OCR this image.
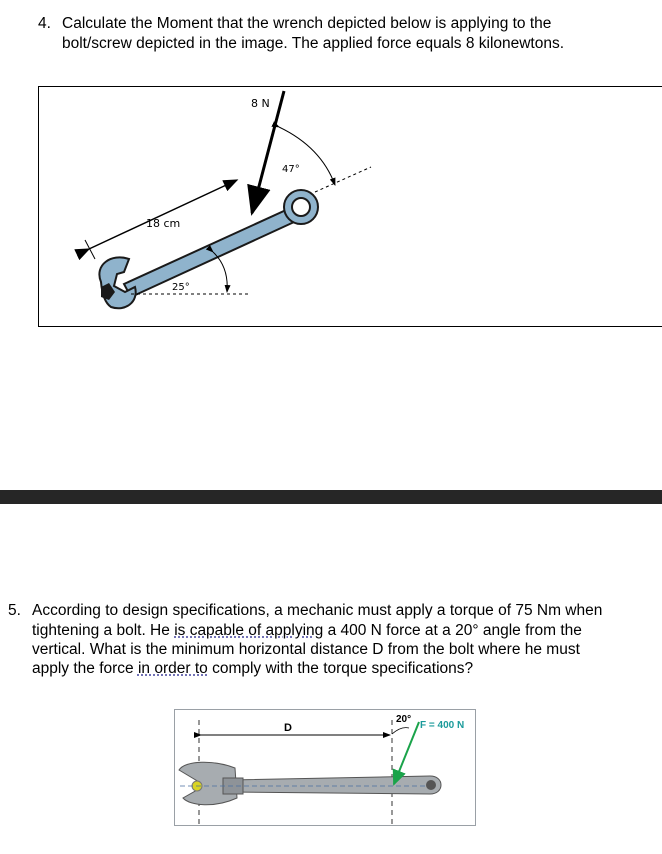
4. Calculate the Moment that the wrench depicted below is applying to the
bolt/screw depicted in the image. The applied force equals 8 kilonewtons.
18 cm
8 N
47°
25°
5. According to design specifications, a mechanic must apply a torque of 75 Nm when
tightening a bolt. He is capable of applying a 400 N force at a 20° angle from the
vertical. What is the minimum horizontal distance D from the bolt where he must
apply the force in order to comply with the torque specifications?
D
20°
F = 400 N
